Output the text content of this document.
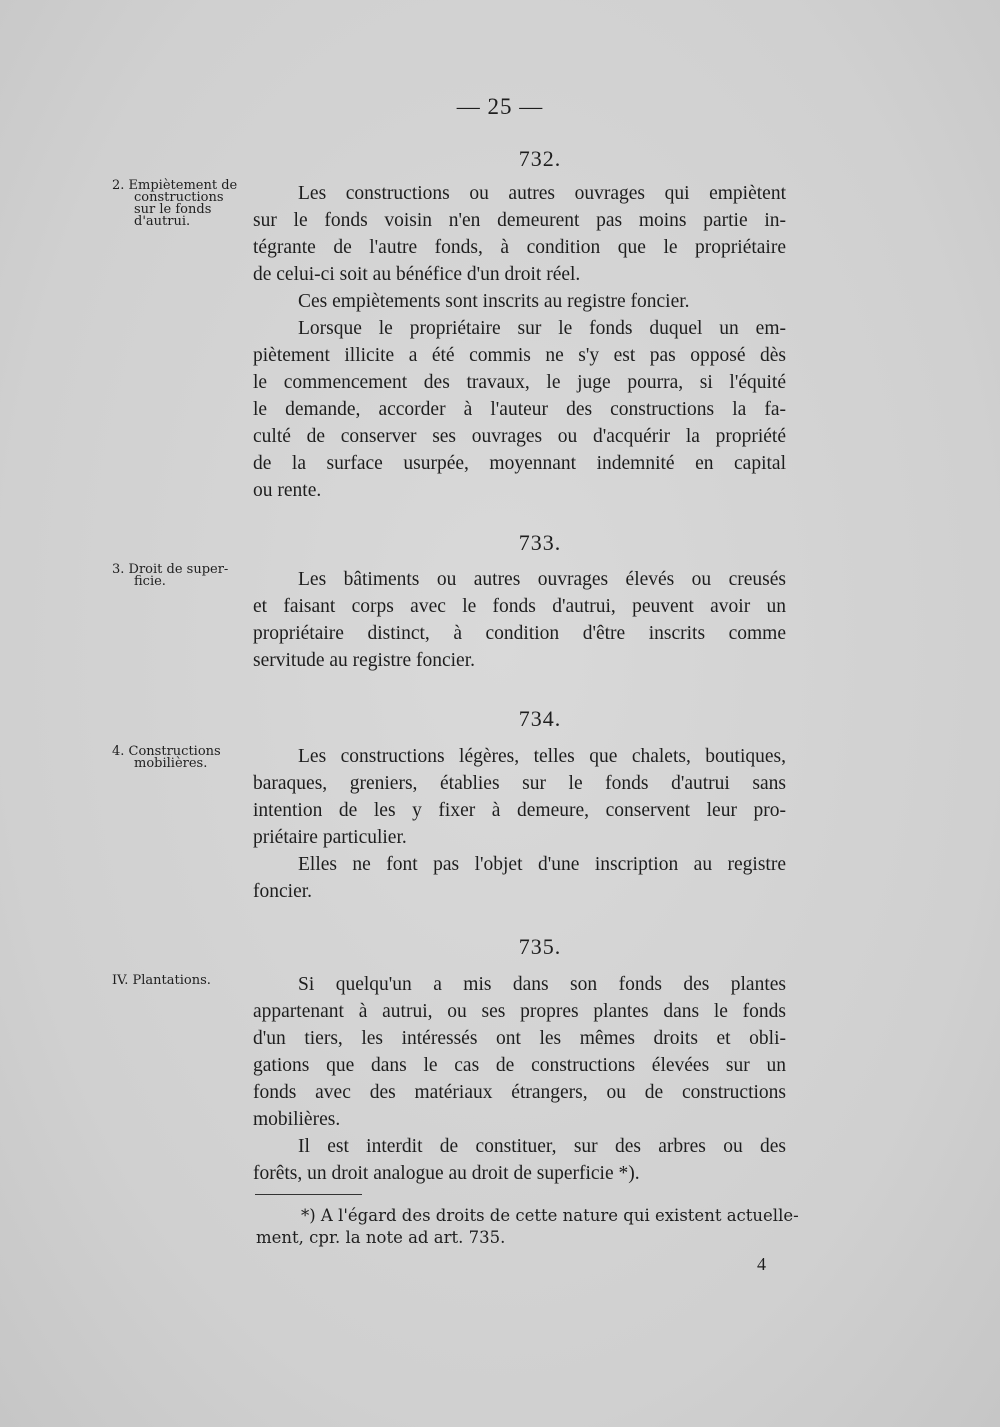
— 25 —
732.
2. Empiètement de
constructions
sur le fonds
d'autrui.
Les constructions ou autres ouvrages qui empiètent
sur le fonds voisin n'en demeurent pas moins partie in-
tégrante de l'autre fonds, à condition que le propriétaire
de celui-ci soit au bénéfice d'un droit réel.
Ces empiètements sont inscrits au registre foncier.
Lorsque le propriétaire sur le fonds duquel un em-
piètement illicite a été commis ne s'y est pas opposé dès
le commencement des travaux, le juge pourra, si l'équité
le demande, accorder à l'auteur des constructions la fa-
culté de conserver ses ouvrages ou d'acquérir la propriété
de la surface usurpée, moyennant indemnité en capital
ou rente.
733.
3. Droit de super-
ficie.	Les bâtiments ou autres ouvrages élevés ou creusés
et faisant corps avec le fonds d'autrui, peuvent avoir un
propriétaire distinct, à condition d'être inscrits comme
servitude au registre foncier.
734.
4. Constructions
mobilières.	Les constructions légères, telles que chalets, boutiques,
baraques, greniers, établies sur le fonds d'autrui sans
intention de les y fixer à demeure, conservent leur pro-
priétaire particulier.
Elles ne font pas l'objet d'une inscription au registre
foncier.
735.
IV. Plantations.	Si quelqu'un a mis dans son fonds des plantes
appartenant à autrui, ou ses propres plantes dans le fonds
d'un tiers, les intéressés ont les mêmes droits et obli-
gations que dans le cas de constructions élevées sur un
fonds avec des matériaux étrangers, ou de constructions
mobilières.
Il est interdit de constituer, sur des arbres ou des
forêts, un droit analogue au droit de superficie *).
*) A l'égard des droits de cette nature qui existent actuelle-
ment, cpr. la note ad art. 735.
4
